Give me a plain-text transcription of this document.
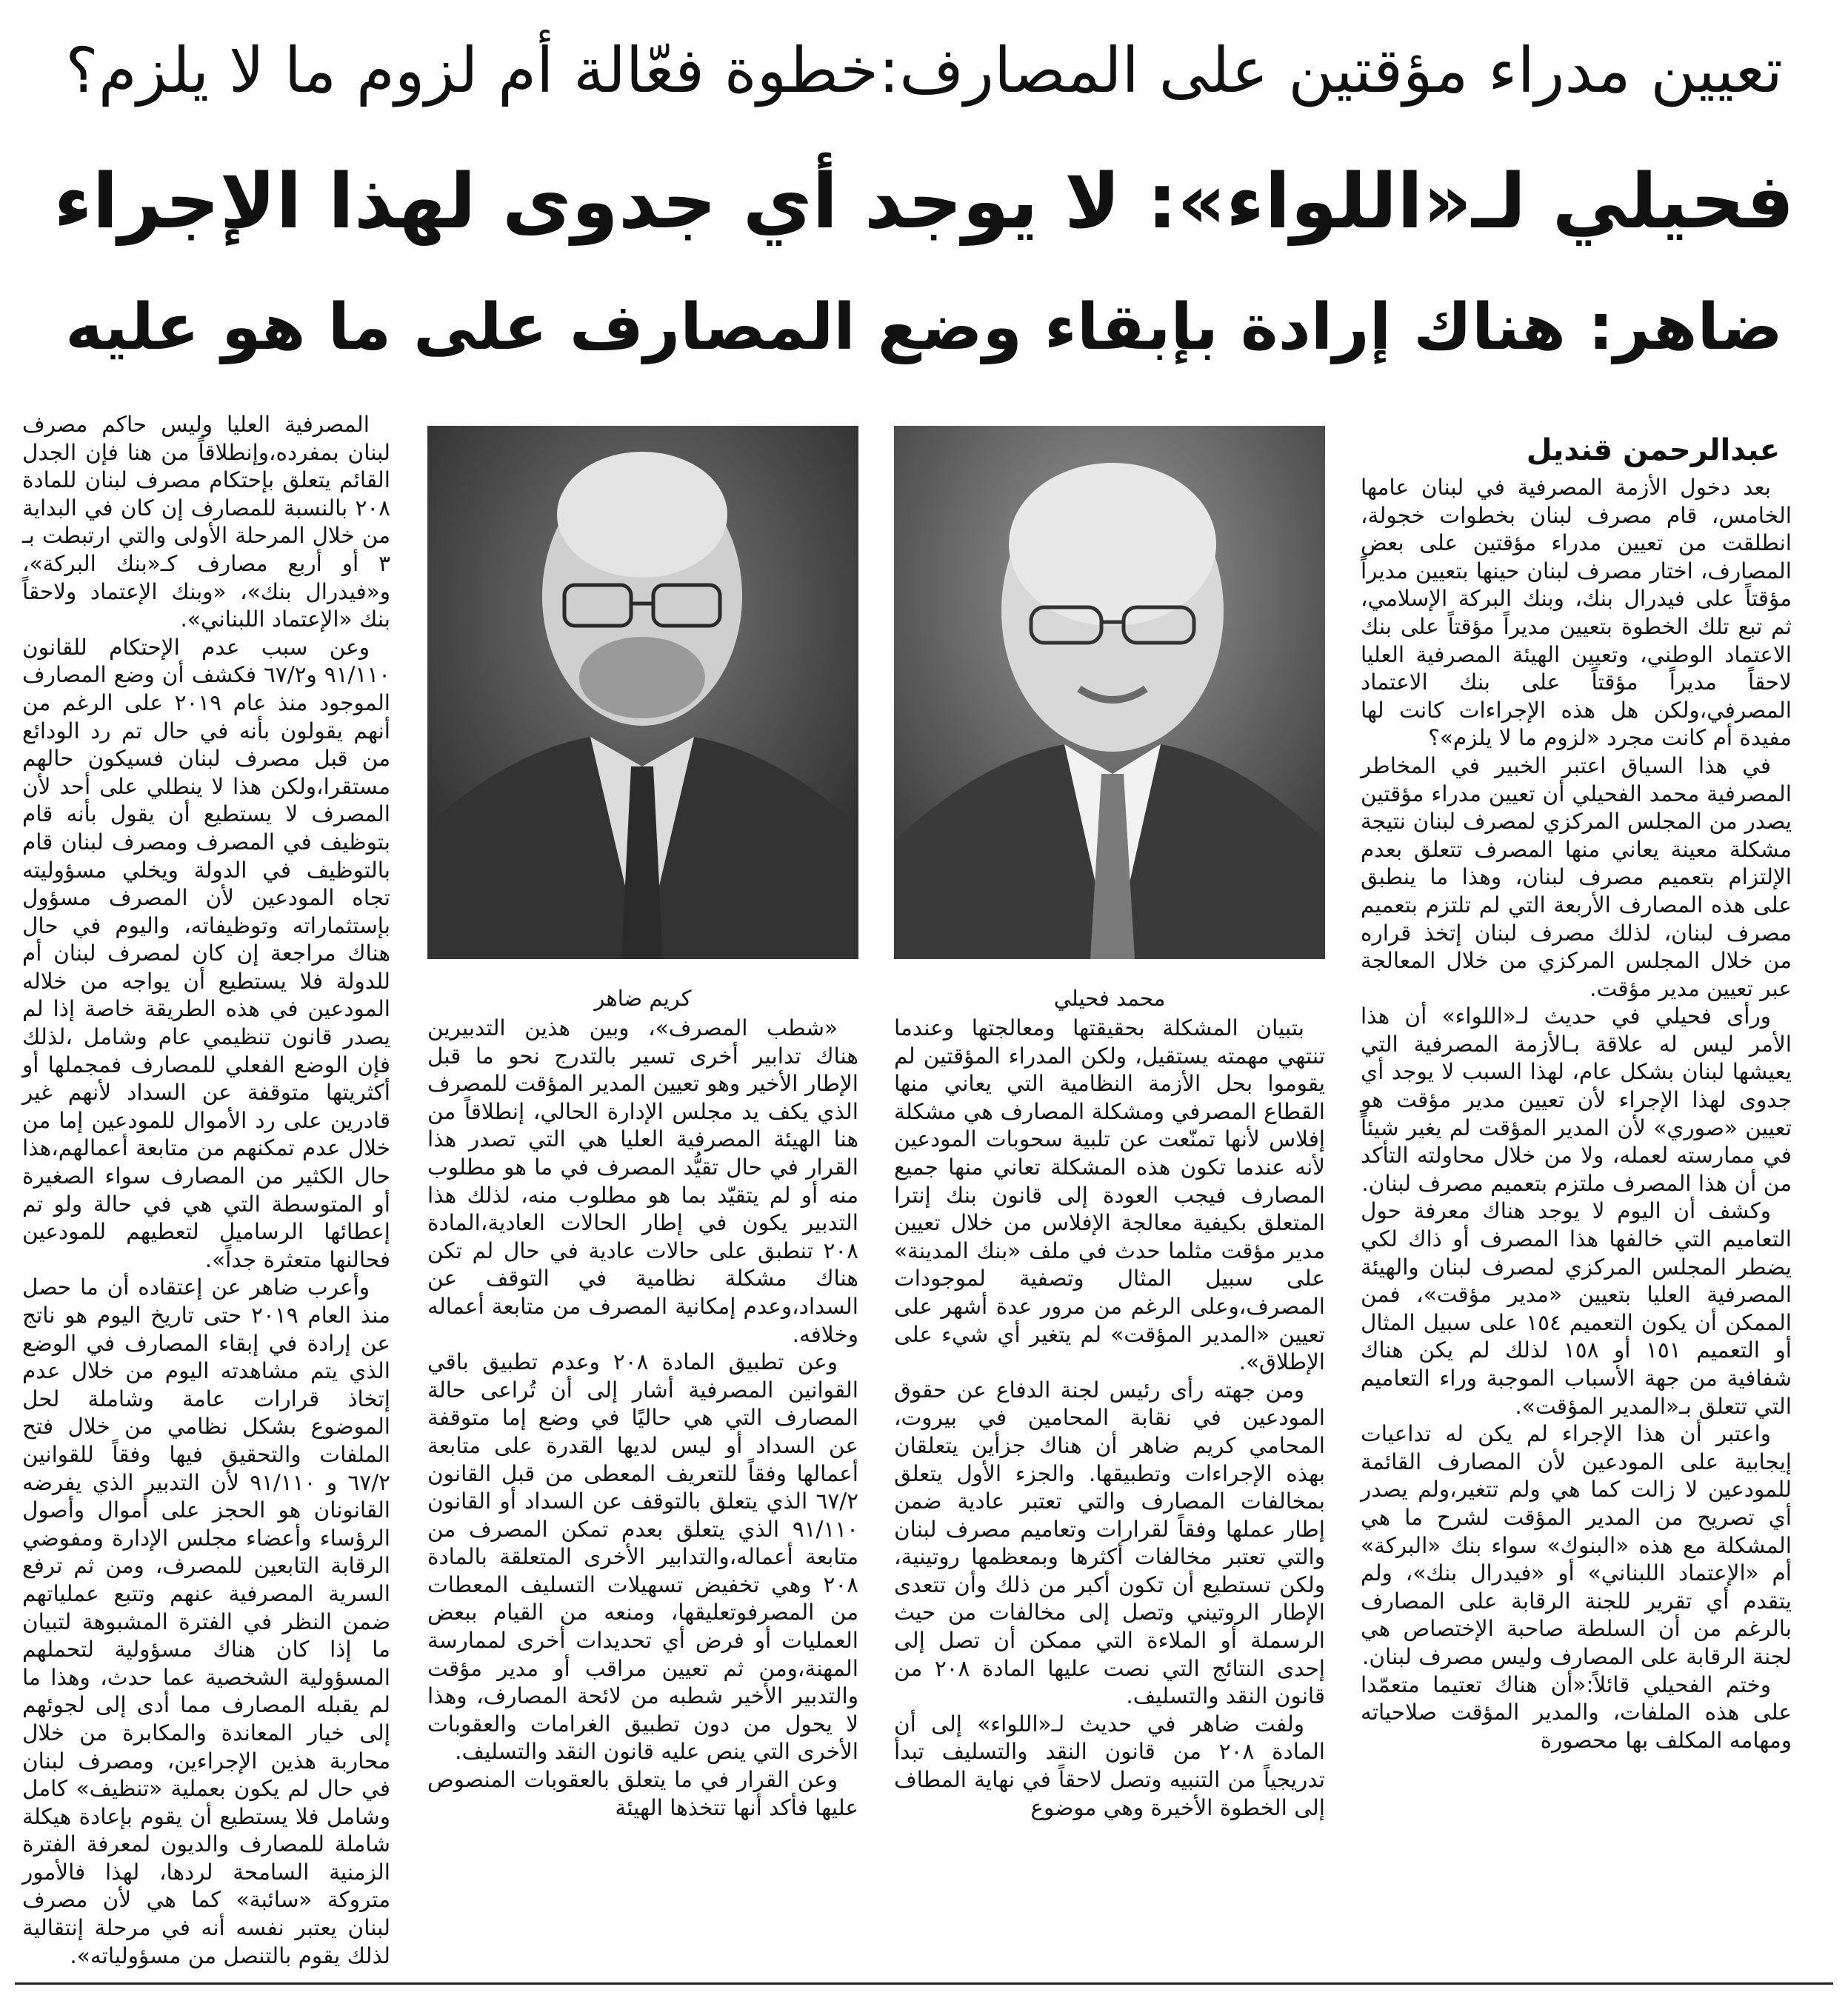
تعيين مدراء مؤقتين على المصارف:خطوة فعّالة أم لزوم ما لا يلزم؟
فحيلي لـ«اللواء»: لا يوجد أي جدوى لهذا الإجراء
ضاهر: هناك إرادة بإبقاء وضع المصارف على ما هو عليه
عبدالرحمن قنديل

بعد دخول الأزمة المصرفية في لبنان عامها الخامس، قام مصرف لبنان بخطوات خجولة، انطلقت من تعيين مدراء مؤقتين على بعض المصارف، اختار مصرف لبنان حينها بتعيين مديراً مؤقتاً على فيدرال بنك، وبنك البركة الإسلامي، ثم تبع تلك الخطوة بتعيين مديراً مؤقتاً على بنك الاعتماد الوطني، وتعيين الهيئة المصرفية العليا لاحقاً مديراً مؤقتاً على بنك الاعتماد المصرفي،ولكن هل هذه الإجراءات كانت لها مفيدة أم كانت مجرد «لزوم ما لا يلزم»؟

في هذا السياق اعتبر الخبير في المخاطر المصرفية محمد الفحيلي أن تعيين مدراء مؤقتين يصدر من المجلس المركزي لمصرف لبنان نتيجة مشكلة معينة يعاني منها المصرف تتعلق بعدم الإلتزام بتعميم مصرف لبنان، وهذا ما ينطبق على هذه المصارف الأربعة التي لم تلتزم بتعميم مصرف لبنان، لذلك مصرف لبنان إتخذ قراره من خلال المجلس المركزي من خلال المعالجة عبر تعيين مدير مؤقت.

ورأى فحيلي في حديث لـ«اللواء» أن هذا الأمر ليس له علاقة بـالأزمة المصرفية التي يعيشها لبنان بشكل عام، لهذا السبب لا يوجد أي جدوى لهذا الإجراء لأن تعيين مدير مؤقت هو تعيين «صوري» لأن المدير المؤقت لم يغير شيئاً في ممارسته لعمله، ولا من خلال محاولته التأكد من أن هذا المصرف ملتزم بتعميم مصرف لبنان.

وكشف أن اليوم لا يوجد هناك معرفة حول التعاميم التي خالفها هذا المصرف أو ذاك لكي يضطر المجلس المركزي لمصرف لبنان والهيئة المصرفية العليا بتعيين «مدير مؤقت»، فمن الممكن أن يكون التعميم ١٥٤ على سبيل المثال أو التعميم ١٥١ أو ١٥٨ لذلك لم يكن هناك شفافية من جهة الأسباب الموجبة وراء التعاميم التي تتعلق بـ«المدير المؤقت».

واعتبر أن هذا الإجراء لم يكن له تداعيات إيجابية على المودعين لأن المصارف القائمة للمودعين لا زالت كما هي ولم تتغير،ولم يصدر أي تصريح من المدير المؤقت لشرح ما هي المشكلة مع هذه «البنوك» سواء بنك «البركة» أم «الإعتماد اللبناني» أو «فيدرال بنك»، ولم يتقدم أي تقرير للجنة الرقابة على المصارف بالرغم من أن السلطة صاحبة الإختصاص هي لجنة الرقابة على المصارف وليس مصرف لبنان.

وختم الفحيلي قائلاً:«أن هناك تعتيما متعمّدا على هذه الملفات، والمدير المؤقت صلاحياته ومهامه المكلف بها محصورة

محمد فحيلي
كريم ضاهر

بتبيان المشكلة بحقيقتها ومعالجتها وعندما تنتهي مهمته يستقيل، ولكن المدراء المؤقتين لم يقوموا بحل الأزمة النظامية التي يعاني منها القطاع المصرفي ومشكلة المصارف هي مشكلة إفلاس لأنها تمنّعت عن تلبية سحوبات المودعين لأنه عندما تكون هذه المشكلة تعاني منها جميع المصارف فيجب العودة إلى قانون بنك إنترا المتعلق بكيفية معالجة الإفلاس من خلال تعيين مدير مؤقت مثلما حدث في ملف «بنك المدينة» على سبيل المثال وتصفية لموجودات المصرف،وعلى الرغم من مرور عدة أشهر على تعيين «المدير المؤقت» لم يتغير أي شيء على الإطلاق».

ومن جهته رأى رئيس لجنة الدفاع عن حقوق المودعين في نقابة المحامين في بيروت، المحامي كريم ضاهر أن هناك جزأين يتعلقان بهذه الإجراءات وتطبيقها. والجزء الأول يتعلق بمخالفات المصارف والتي تعتبر عادية ضمن إطار عملها وفقاً لقرارات وتعاميم مصرف لبنان والتي تعتبر مخالفات أكثرها وبمعظمها روتينية، ولكن تستطيع أن تكون أكبر من ذلك وأن تتعدى الإطار الروتيني وتصل إلى مخالفات من حيث الرسملة أو الملاءة التي ممكن أن تصل إلى إحدى النتائج التي نصت عليها المادة ٢٠٨ من قانون النقد والتسليف.

ولفت ضاهر في حديث لـ«اللواء» إلى أن المادة ٢٠٨ من قانون النقد والتسليف تبدأ تدريجياً من التنبيه وتصل لاحقاً في نهاية المطاف إلى الخطوة الأخيرة وهي موضوع

«شطب المصرف»، وبين هذين التدبيرين هناك تدابير أخرى تسير بالتدرج نحو ما قبل الإطار الأخير وهو تعيين المدير المؤقت للمصرف الذي يكف يد مجلس الإدارة الحالي، إنطلاقاً من هنا الهيئة المصرفية العليا هي التي تصدر هذا القرار في حال تقيُّد المصرف في ما هو مطلوب منه أو لم يتقيّد بما هو مطلوب منه، لذلك هذا التدبير يكون في إطار الحالات العادية،المادة ٢٠٨ تنطبق على حالات عادية في حال لم تكن هناك مشكلة نظامية في التوقف عن السداد،وعدم إمكانية المصرف من متابعة أعماله وخلافه.

وعن تطبيق المادة ٢٠٨ وعدم تطبيق باقي القوانين المصرفية أشار إلى أن تُراعى حالة المصارف التي هي حاليًا في وضع إما متوقفة عن السداد أو ليس لديها القدرة على متابعة أعمالها وفقاً للتعريف المعطى من قبل القانون ٦٧/٢ الذي يتعلق بالتوقف عن السداد أو القانون ٩١/١١٠ الذي يتعلق بعدم تمكن المصرف من متابعة أعماله،والتدابير الأخرى المتعلقة بالمادة ٢٠٨ وهي تخفيض تسهيلات التسليف المعطات من المصرفوتعليقها، ومنعه من القيام ببعض العمليات أو فرض أي تحديدات أخرى لممارسة المهنة،ومن ثم تعيين مراقب أو مدير مؤقت والتدبير الأخير شطبه من لائحة المصارف، وهذا لا يحول من دون تطبيق الغرامات والعقوبات الأخرى التي ينص عليه قانون النقد والتسليف.

وعن القرار في ما يتعلق بالعقوبات المنصوص عليها فأكد أنها تتخذها الهيئة

المصرفية العليا وليس حاكم مصرف لبنان بمفرده،وإنطلاقاً من هنا فإن الجدل القائم يتعلق بإحتكام مصرف لبنان للمادة ٢٠٨ بالنسبة للمصارف إن كان في البداية من خلال المرحلة الأولى والتي ارتبطت بـ ٣ أو أربع مصارف كـ«بنك البركة»، و«فيدرال بنك»، «وبنك الإعتماد ولاحقاً بنك «الإعتماد اللبناني».

وعن سبب عدم الإحتكام للقانون ٩١/١١٠ و٦٧/٢ فكشف أن وضع المصارف الموجود منذ عام ٢٠١٩ على الرغم من أنهم يقولون بأنه في حال تم رد الودائع من قبل مصرف لبنان فسيكون حالهم مستقرا،ولكن هذا لا ينطلي على أحد لأن المصرف لا يستطيع أن يقول بأنه قام بتوظيف في المصرف ومصرف لبنان قام بالتوظيف في الدولة ويخلي مسؤوليته تجاه المودعين لأن المصرف مسؤول بإستثماراته وتوظيفاته، واليوم في حال هناك مراجعة إن كان لمصرف لبنان أم للدولة فلا يستطيع أن يواجه من خلاله المودعين في هذه الطريقة خاصة إذا لم يصدر قانون تنظيمي عام وشامل ،لذلك فإن الوضع الفعلي للمصارف فمجملها أو أكثريتها متوقفة عن السداد لأنهم غير قادرين على رد الأموال للمودعين إما من خلال عدم تمكنهم من متابعة أعمالهم،هذا حال الكثير من المصارف سواء الصغيرة أو المتوسطة التي هي في حالة ولو تم إعطائها الرساميل لتعطيهم للمودعين فحالنها متعثرة جداً».

وأعرب ضاهر عن إعتقاده أن ما حصل منذ العام ٢٠١٩ حتى تاريخ اليوم هو ناتج عن إرادة في إبقاء المصارف في الوضع الذي يتم مشاهدته اليوم من خلال عدم إتخاذ قرارات عامة وشاملة لحل الموضوع بشكل نظامي من خلال فتح الملفات والتحقيق فيها وفقاً للقوانين ٦٧/٢ و ٩١/١١٠ لأن التدبير الذي يفرضه القانونان هو الحجز على أموال وأصول الرؤساء وأعضاء مجلس الإدارة ومفوضي الرقابة التابعين للمصرف، ومن ثم ترفع السرية المصرفية عنهم وتتبع عملياتهم ضمن النظر في الفترة المشبوهة لتبيان ما إذا كان هناك مسؤولية لتحملهم المسؤولية الشخصية عما حدث، وهذا ما لم يقبله المصارف مما أدى إلى لجوئهم إلى خيار المعاندة والمكابرة من خلال محاربة هذين الإجراءين، ومصرف لبنان في حال لم يكون بعملية «تنظيف» كامل وشامل فلا يستطيع أن يقوم بإعادة هيكلة شاملة للمصارف والديون لمعرفة الفترة الزمنية السامحة لردها، لهذا فالأمور متروكة «سائبة» كما هي لأن مصرف لبنان يعتبر نفسه أنه في مرحلة إنتقالية لذلك يقوم بالتنصل من مسؤولياته».
